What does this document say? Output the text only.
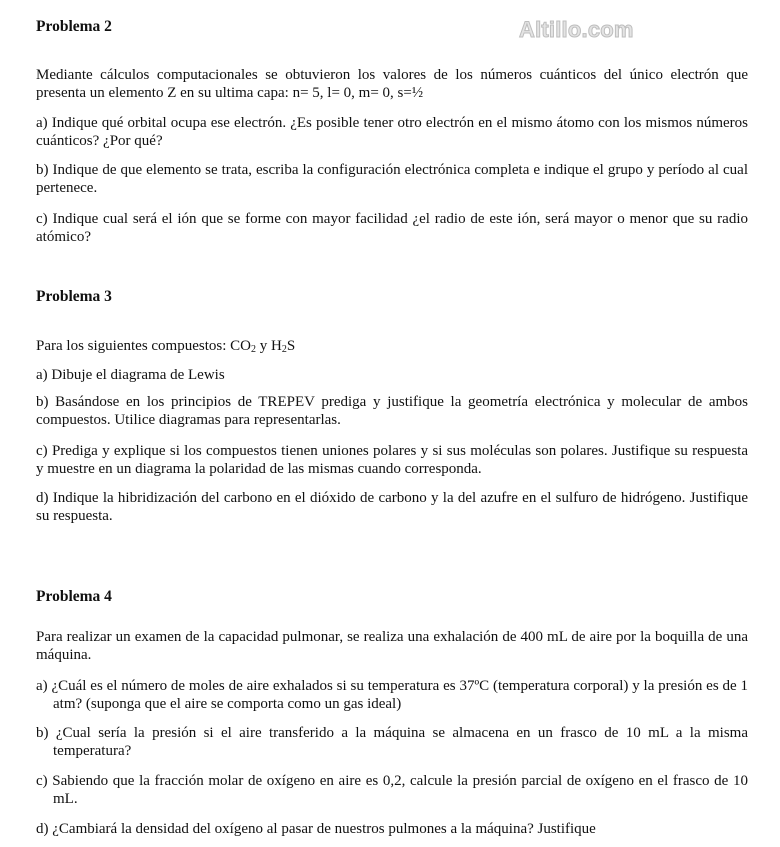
Altillo.com
Problema 2

Mediante cálculos computacionales se obtuvieron los valores de los números cuánticos del único electrón que presenta un elemento Z en su ultima capa: n= 5, l= 0, m= 0, s=½

a) Indique qué orbital ocupa ese electrón. ¿Es posible tener otro electrón en el mismo átomo con los mismos números cuánticos? ¿Por qué?

b) Indique de que elemento se trata, escriba la configuración electrónica completa e indique el grupo y período al cual pertenece.

c) Indique cual será el ión que se forme con mayor facilidad ¿el radio de este ión, será mayor o menor que su radio atómico?

Problema 3

Para los siguientes compuestos: $CO_2$ y $H_2S$

a) Dibuje el diagrama de Lewis

b) Basándose en los principios de TREPEV prediga y justifique la geometría electrónica y molecular de ambos compuestos. Utilice diagramas para representarlas.

c) Prediga y explique si los compuestos tienen uniones polares y si sus moléculas son polares. Justifique su respuesta y muestre en un diagrama la polaridad de las mismas cuando corresponda.

d) Indique la hibridización del carbono en el dióxido de carbono y la del azufre en el sulfuro de hidrógeno. Justifique su respuesta.

Problema 4

Para realizar un examen de la capacidad pulmonar, se realiza una exhalación de 400 mL de aire por la boquilla de una máquina.

a) ¿Cuál es el número de moles de aire exhalados si su temperatura es 37ºC (temperatura corporal) y la presión es de 1 atm? (suponga que el aire se comporta como un gas ideal)

b) ¿Cual sería la presión si el aire transferido a la máquina se almacena en un frasco de 10 mL a la misma temperatura?

c) Sabiendo que la fracción molar de oxígeno en aire es 0,2, calcule la presión parcial de oxígeno en el frasco de 10 mL.

d) ¿Cambiará la densidad del oxígeno al pasar de nuestros pulmones a la máquina? Justifique
